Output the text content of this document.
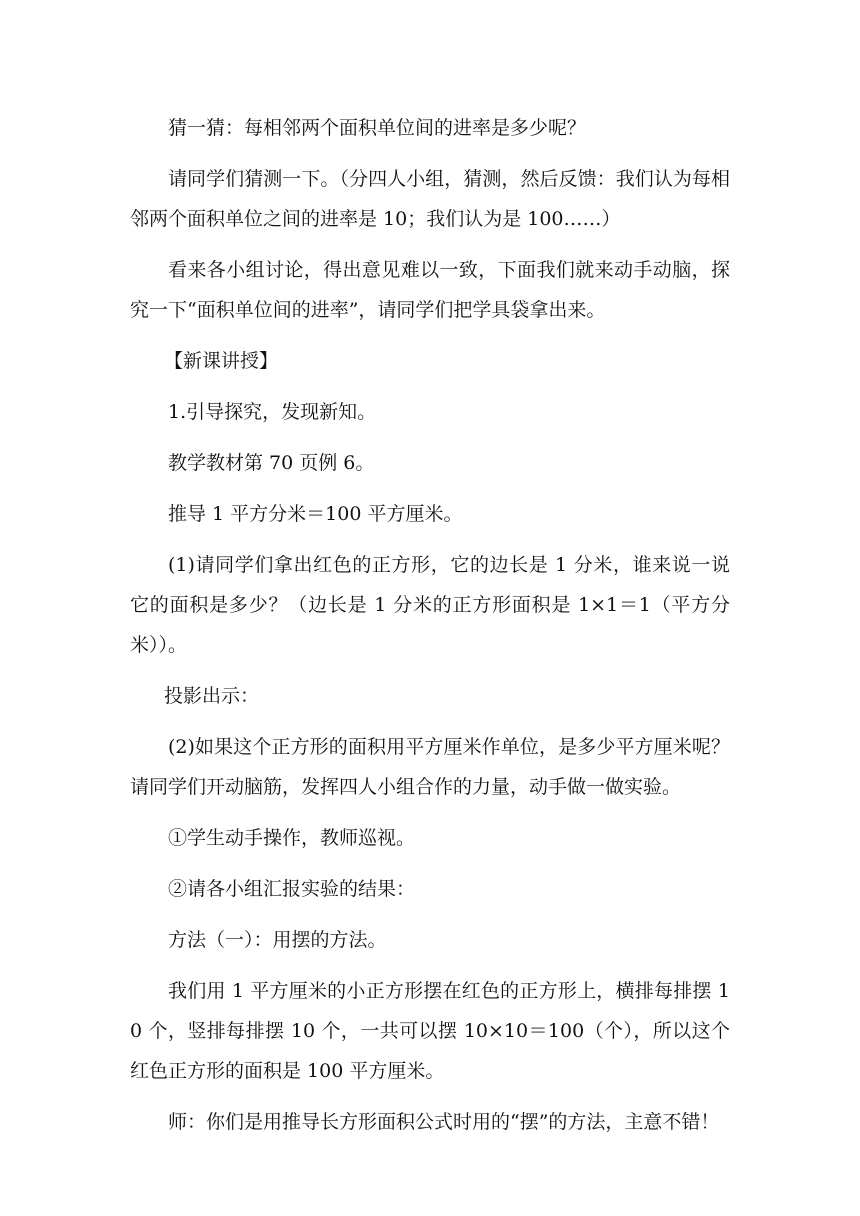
猜一猜：每相邻两个面积单位间的进率是多少呢？

请同学们猜测一下。（分四人小组，猜测，然后反馈：我们认为每相邻两个面积单位之间的进率是 10；我们认为是 100……）

看来各小组讨论，得出意见难以一致，下面我们就来动手动脑，探究一下“面积单位间的进率”，请同学们把学具袋拿出来。

【新课讲授】

1.引导探究，发现新知。

教学教材第 70 页例 6。

推导 1 平方分米＝100 平方厘米。

(1)请同学们拿出红色的正方形，它的边长是 1 分米，谁来说一说它的面积是多少？（边长是 1 分米的正方形面积是 1×1＝1（平方分米））。

投影出示：

(2)如果这个正方形的面积用平方厘米作单位，是多少平方厘米呢？请同学们开动脑筋，发挥四人小组合作的力量，动手做一做实验。

①学生动手操作，教师巡视。

②请各小组汇报实验的结果：

方法（一）：用摆的方法。

我们用 1 平方厘米的小正方形摆在红色的正方形上，横排每排摆 10 个，竖排每排摆 10 个，一共可以摆 10×10＝100（个），所以这个红色正方形的面积是 100 平方厘米。

师：你们是用推导长方形面积公式时用的“摆”的方法，主意不错！
